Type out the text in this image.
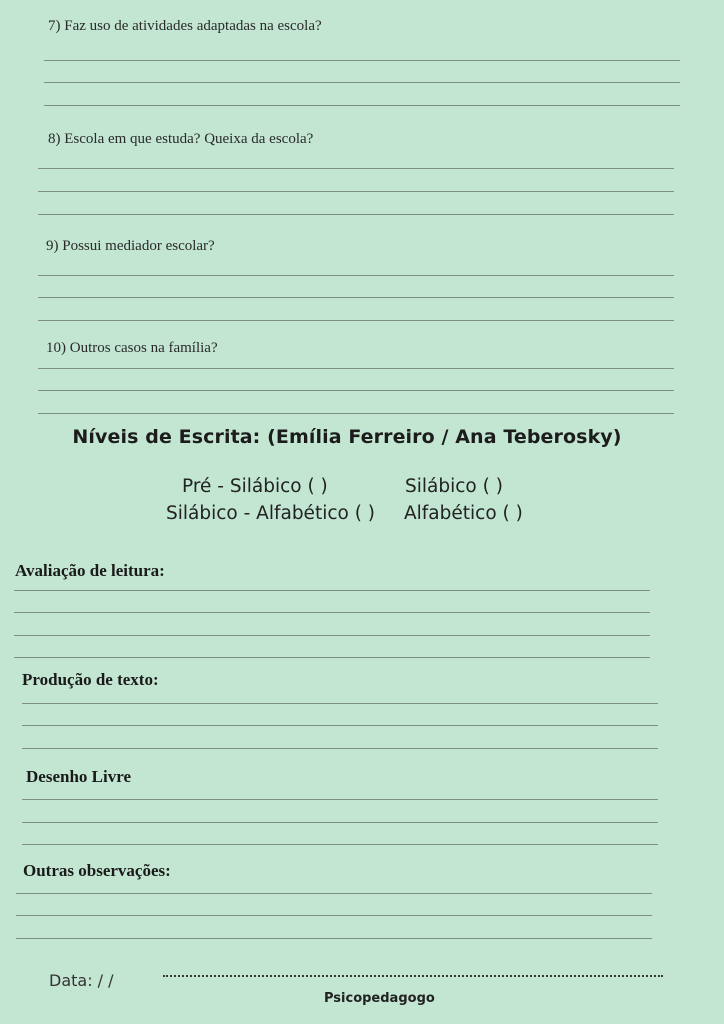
7) Faz uso de atividades adaptadas na escola?
8) Escola em que estuda? Queixa da escola?
9) Possui mediador escolar?
10) Outros casos na família?
Níveis de Escrita: (Emília Ferreiro / Ana Teberosky)
Pré - Silábico ( )	Silábico ( )
Silábico - Alfabético ( ) Alfabético ( )
Avaliação de leitura:
Produção de texto:
Desenho Livre
Outras observações:
Data: / /
Psicopedagogo
